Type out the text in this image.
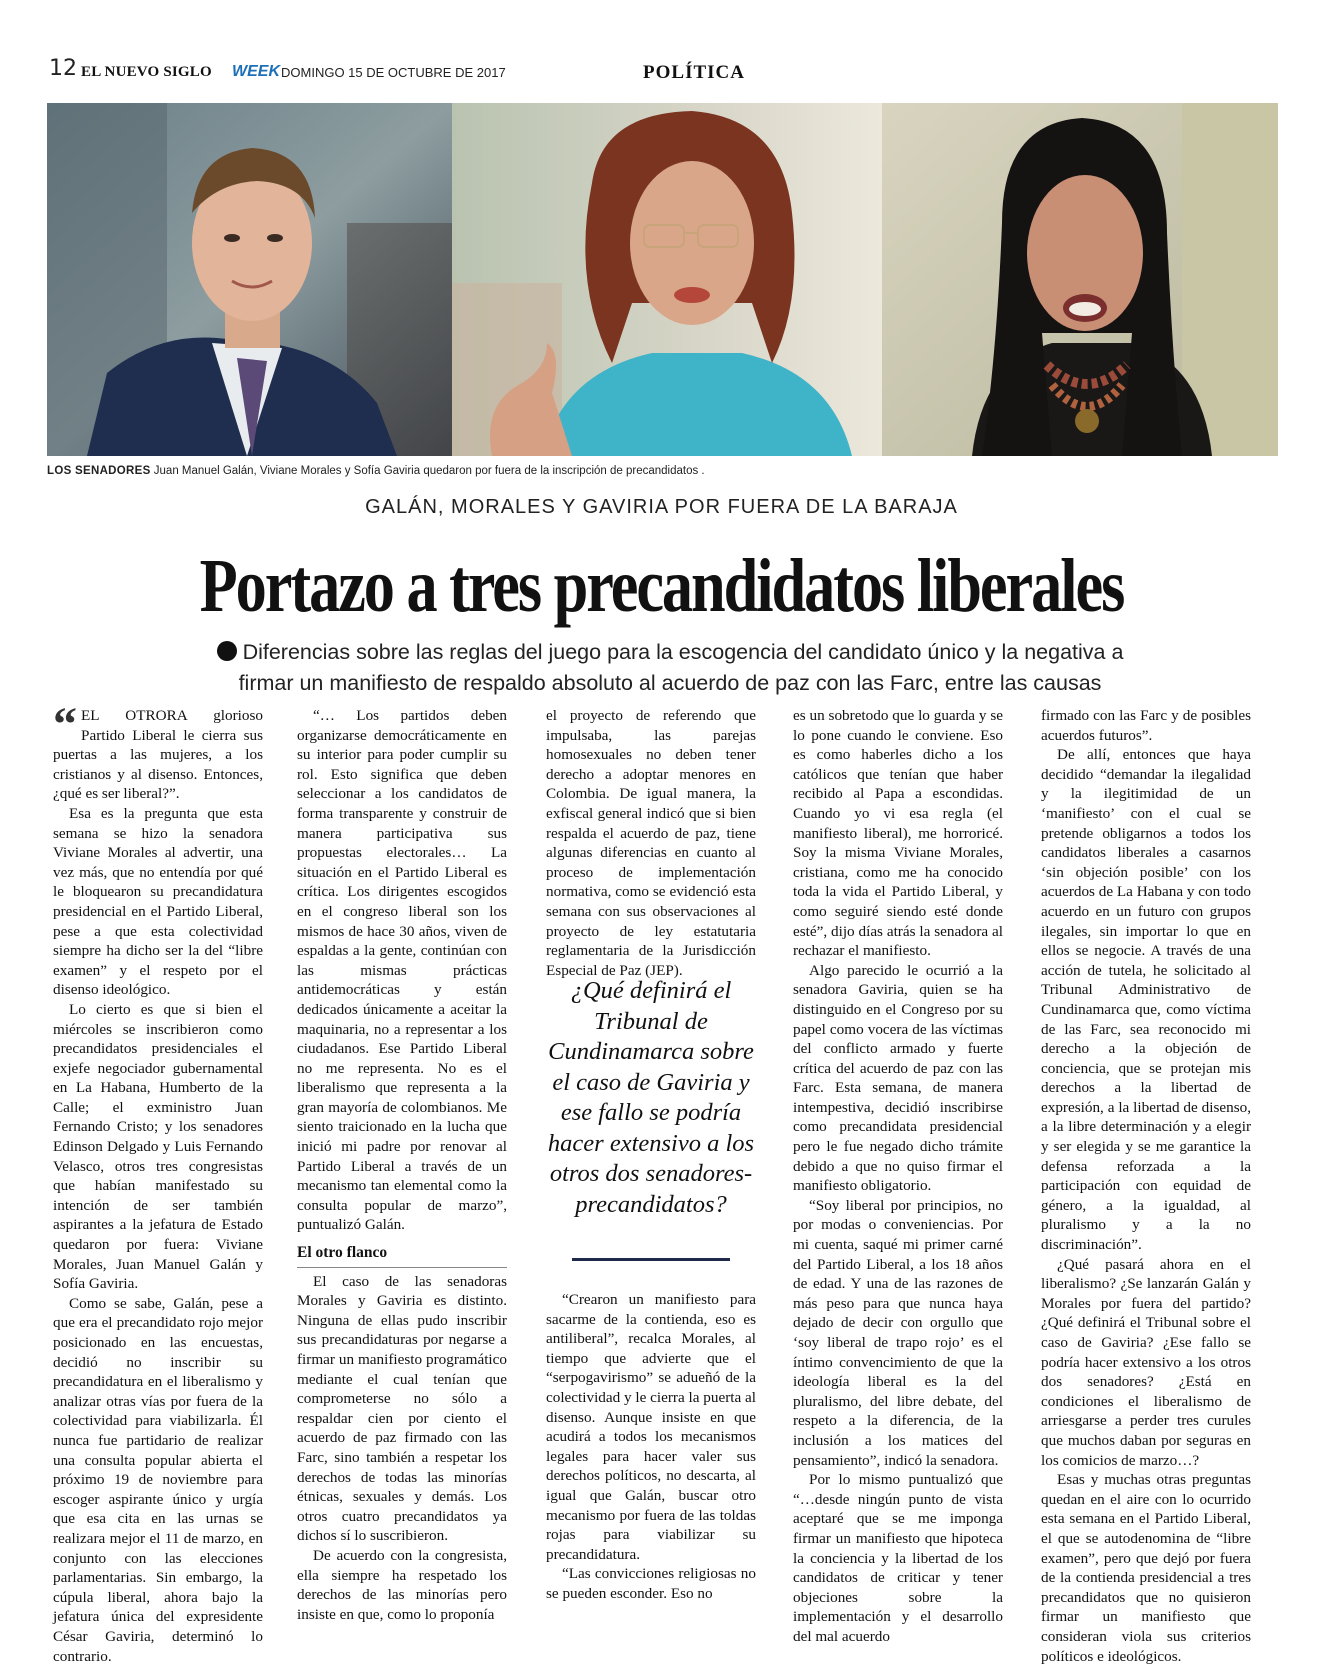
12 EL NUEVO SIGLO WEEK DOMINGO 15 DE OCTUBRE DE 2017	POLÍTICA
LOS SENADORES Juan Manuel Galán, Viviane Morales y Sofía Gaviria quedaron por fuera de la inscripción de precandidatos .
GALÁN, MORALES Y GAVIRIA POR FUERA DE LA BARAJA
Portazo a tres precandidatos liberales
Diferencias sobre las reglas del juego para la escogencia del candidato único y la negativa a firmar un manifiesto de respaldo absoluto al acuerdo de paz con las Farc, entre las causas
“ EL OTRORA glorioso Partido Liberal le cierra sus puertas a las mujeres, a los cristianos y al disenso. Entonces, ¿qué es ser liberal?”.

Esa es la pregunta que esta semana se hizo la senadora Viviane Morales al advertir, una vez más, que no entendía por qué le bloquearon su precandidatura presidencial en el Partido Liberal, pese a que esta colectividad siempre ha dicho ser la del “libre examen” y el respeto por el disenso ideológico.

Lo cierto es que si bien el miércoles se inscribieron como precandidatos presidenciales el exjefe negociador gubernamental en La Habana, Humberto de la Calle; el exministro Juan Fernando Cristo; y los senadores Edinson Delgado y Luis Fernando Velasco, otros tres congresistas que habían manifestado su intención de ser también aspirantes a la jefatura de Estado quedaron por fuera: Viviane Morales, Juan Manuel Galán y Sofía Gaviria.

Como se sabe, Galán, pese a que era el precandidato rojo mejor posicionado en las encuestas, decidió no inscribir su precandidatura en el liberalismo y analizar otras vías por fuera de la colectividad para viabilizarla. Él nunca fue partidario de realizar una consulta popular abierta el próximo 19 de noviembre para escoger aspirante único y urgía que esa cita en las urnas se realizara mejor el 11 de marzo, en conjunto con las elecciones parlamentarias. Sin embargo, la cúpula liberal, ahora bajo la jefatura única del expresidente César Gaviria, determinó lo contrario.

“… Los partidos deben organizarse democráticamente en su interior para poder cumplir su rol. Esto significa que deben seleccionar a los candidatos de forma transparente y construir de manera participativa sus propuestas electorales… La situación en el Partido Liberal es crítica. Los dirigentes escogidos en el congreso liberal son los mismos de hace 30 años, viven de espaldas a la gente, continúan con las mismas prácticas antidemocráticas y están dedicados únicamente a aceitar la maquinaria, no a representar a los ciudadanos. Ese Partido Liberal no me representa. No es el liberalismo que representa a la gran mayoría de colombianos. Me siento traicionado en la lucha que inició mi padre por renovar al Partido Liberal a través de un mecanismo tan elemental como la consulta popular de marzo”, puntualizó Galán.

El otro flanco

El caso de las senadoras Morales y Gaviria es distinto. Ninguna de ellas pudo inscribir sus precandidaturas por negarse a firmar un manifiesto programático mediante el cual tenían que comprometerse no sólo a respaldar cien por ciento el acuerdo de paz firmado con las Farc, sino también a respetar los derechos de todas las minorías étnicas, sexuales y demás. Los otros cuatro precandidatos ya dichos sí lo suscribieron.

De acuerdo con la congresista, ella siempre ha respetado los derechos de las minorías pero insiste en que, como lo proponía

el proyecto de referendo que impulsaba, las parejas homosexuales no deben tener derecho a adoptar menores en Colombia. De igual manera, la exfiscal general indicó que si bien respalda el acuerdo de paz, tiene algunas diferencias en cuanto al proceso de implementación normativa, como se evidenció esta semana con sus observaciones al proyecto de ley estatutaria reglamentaria de la Jurisdicción Especial de Paz (JEP).

¿Qué definirá el Tribunal de Cundinamarca sobre el caso de Gaviria y ese fallo se podría hacer extensivo a los otros dos senadores-precandidatos?

“Crearon un manifiesto para sacarme de la contienda, eso es antiliberal”, recalca Morales, al tiempo que advierte que el “serpogavirismo” se adueñó de la colectividad y le cierra la puerta al disenso. Aunque insiste en que acudirá a todos los mecanismos legales para hacer valer sus derechos políticos, no descarta, al igual que Galán, buscar otro mecanismo por fuera de las toldas rojas para viabilizar su precandidatura.

“Las convicciones religiosas no se pueden esconder. Eso no

es un sobretodo que lo guarda y se lo pone cuando le conviene. Eso es como haberles dicho a los católicos que tenían que haber recibido al Papa a escondidas. Cuando yo vi esa regla (el manifiesto liberal), me horroricé. Soy la misma Viviane Morales, cristiana, como me ha conocido toda la vida el Partido Liberal, y como seguiré siendo esté donde esté”, dijo días atrás la senadora al rechazar el manifiesto.

Algo parecido le ocurrió a la senadora Gaviria, quien se ha distinguido en el Congreso por su papel como vocera de las víctimas del conflicto armado y fuerte crítica del acuerdo de paz con las Farc. Esta semana, de manera intempestiva, decidió inscribirse como precandidata presidencial pero le fue negado dicho trámite debido a que no quiso firmar el manifiesto obligatorio.

“Soy liberal por principios, no por modas o conveniencias. Por mi cuenta, saqué mi primer carné del Partido Liberal, a los 18 años de edad. Y una de las razones de más peso para que nunca haya dejado de decir con orgullo que ‘soy liberal de trapo rojo’ es el íntimo convencimiento de que la ideología liberal es la del pluralismo, del libre debate, del respeto a la diferencia, de la inclusión a los matices del pensamiento”, indicó la senadora.

Por lo mismo puntualizó que “…desde ningún punto de vista aceptaré que se me imponga firmar un manifiesto que hipoteca la conciencia y la libertad de los candidatos de criticar y tener objeciones sobre la implementación y el desarrollo del mal acuerdo

firmado con las Farc y de posibles acuerdos futuros”.

De allí, entonces que haya decidido “demandar la ilegalidad y la ilegitimidad de un ‘manifiesto’ con el cual se pretende obligarnos a todos los candidatos liberales a casarnos ‘sin objeción posible’ con los acuerdos de La Habana y con todo acuerdo en un futuro con grupos ilegales, sin importar lo que en ellos se negocie. A través de una acción de tutela, he solicitado al Tribunal Administrativo de Cundinamarca que, como víctima de las Farc, sea reconocido mi derecho a la objeción de conciencia, que se protejan mis derechos a la libertad de expresión, a la libertad de disenso, a la libre determinación y a elegir y ser elegida y se me garantice la defensa reforzada a la participación con equidad de género, a la igualdad, al pluralismo y a la no discriminación”.

¿Qué pasará ahora en el liberalismo? ¿Se lanzarán Galán y Morales por fuera del partido? ¿Qué definirá el Tribunal sobre el caso de Gaviria? ¿Ese fallo se podría hacer extensivo a los otros dos senadores? ¿Está en condiciones el liberalismo de arriesgarse a perder tres curules que muchos daban por seguras en los comicios de marzo…?

Esas y muchas otras preguntas quedan en el aire con lo ocurrido esta semana en el Partido Liberal, el que se autodenomina de “libre examen”, pero que dejó por fuera de la contienda presidencial a tres precandidatos que no quisieron firmar un manifiesto que consideran viola sus criterios políticos e ideológicos.
